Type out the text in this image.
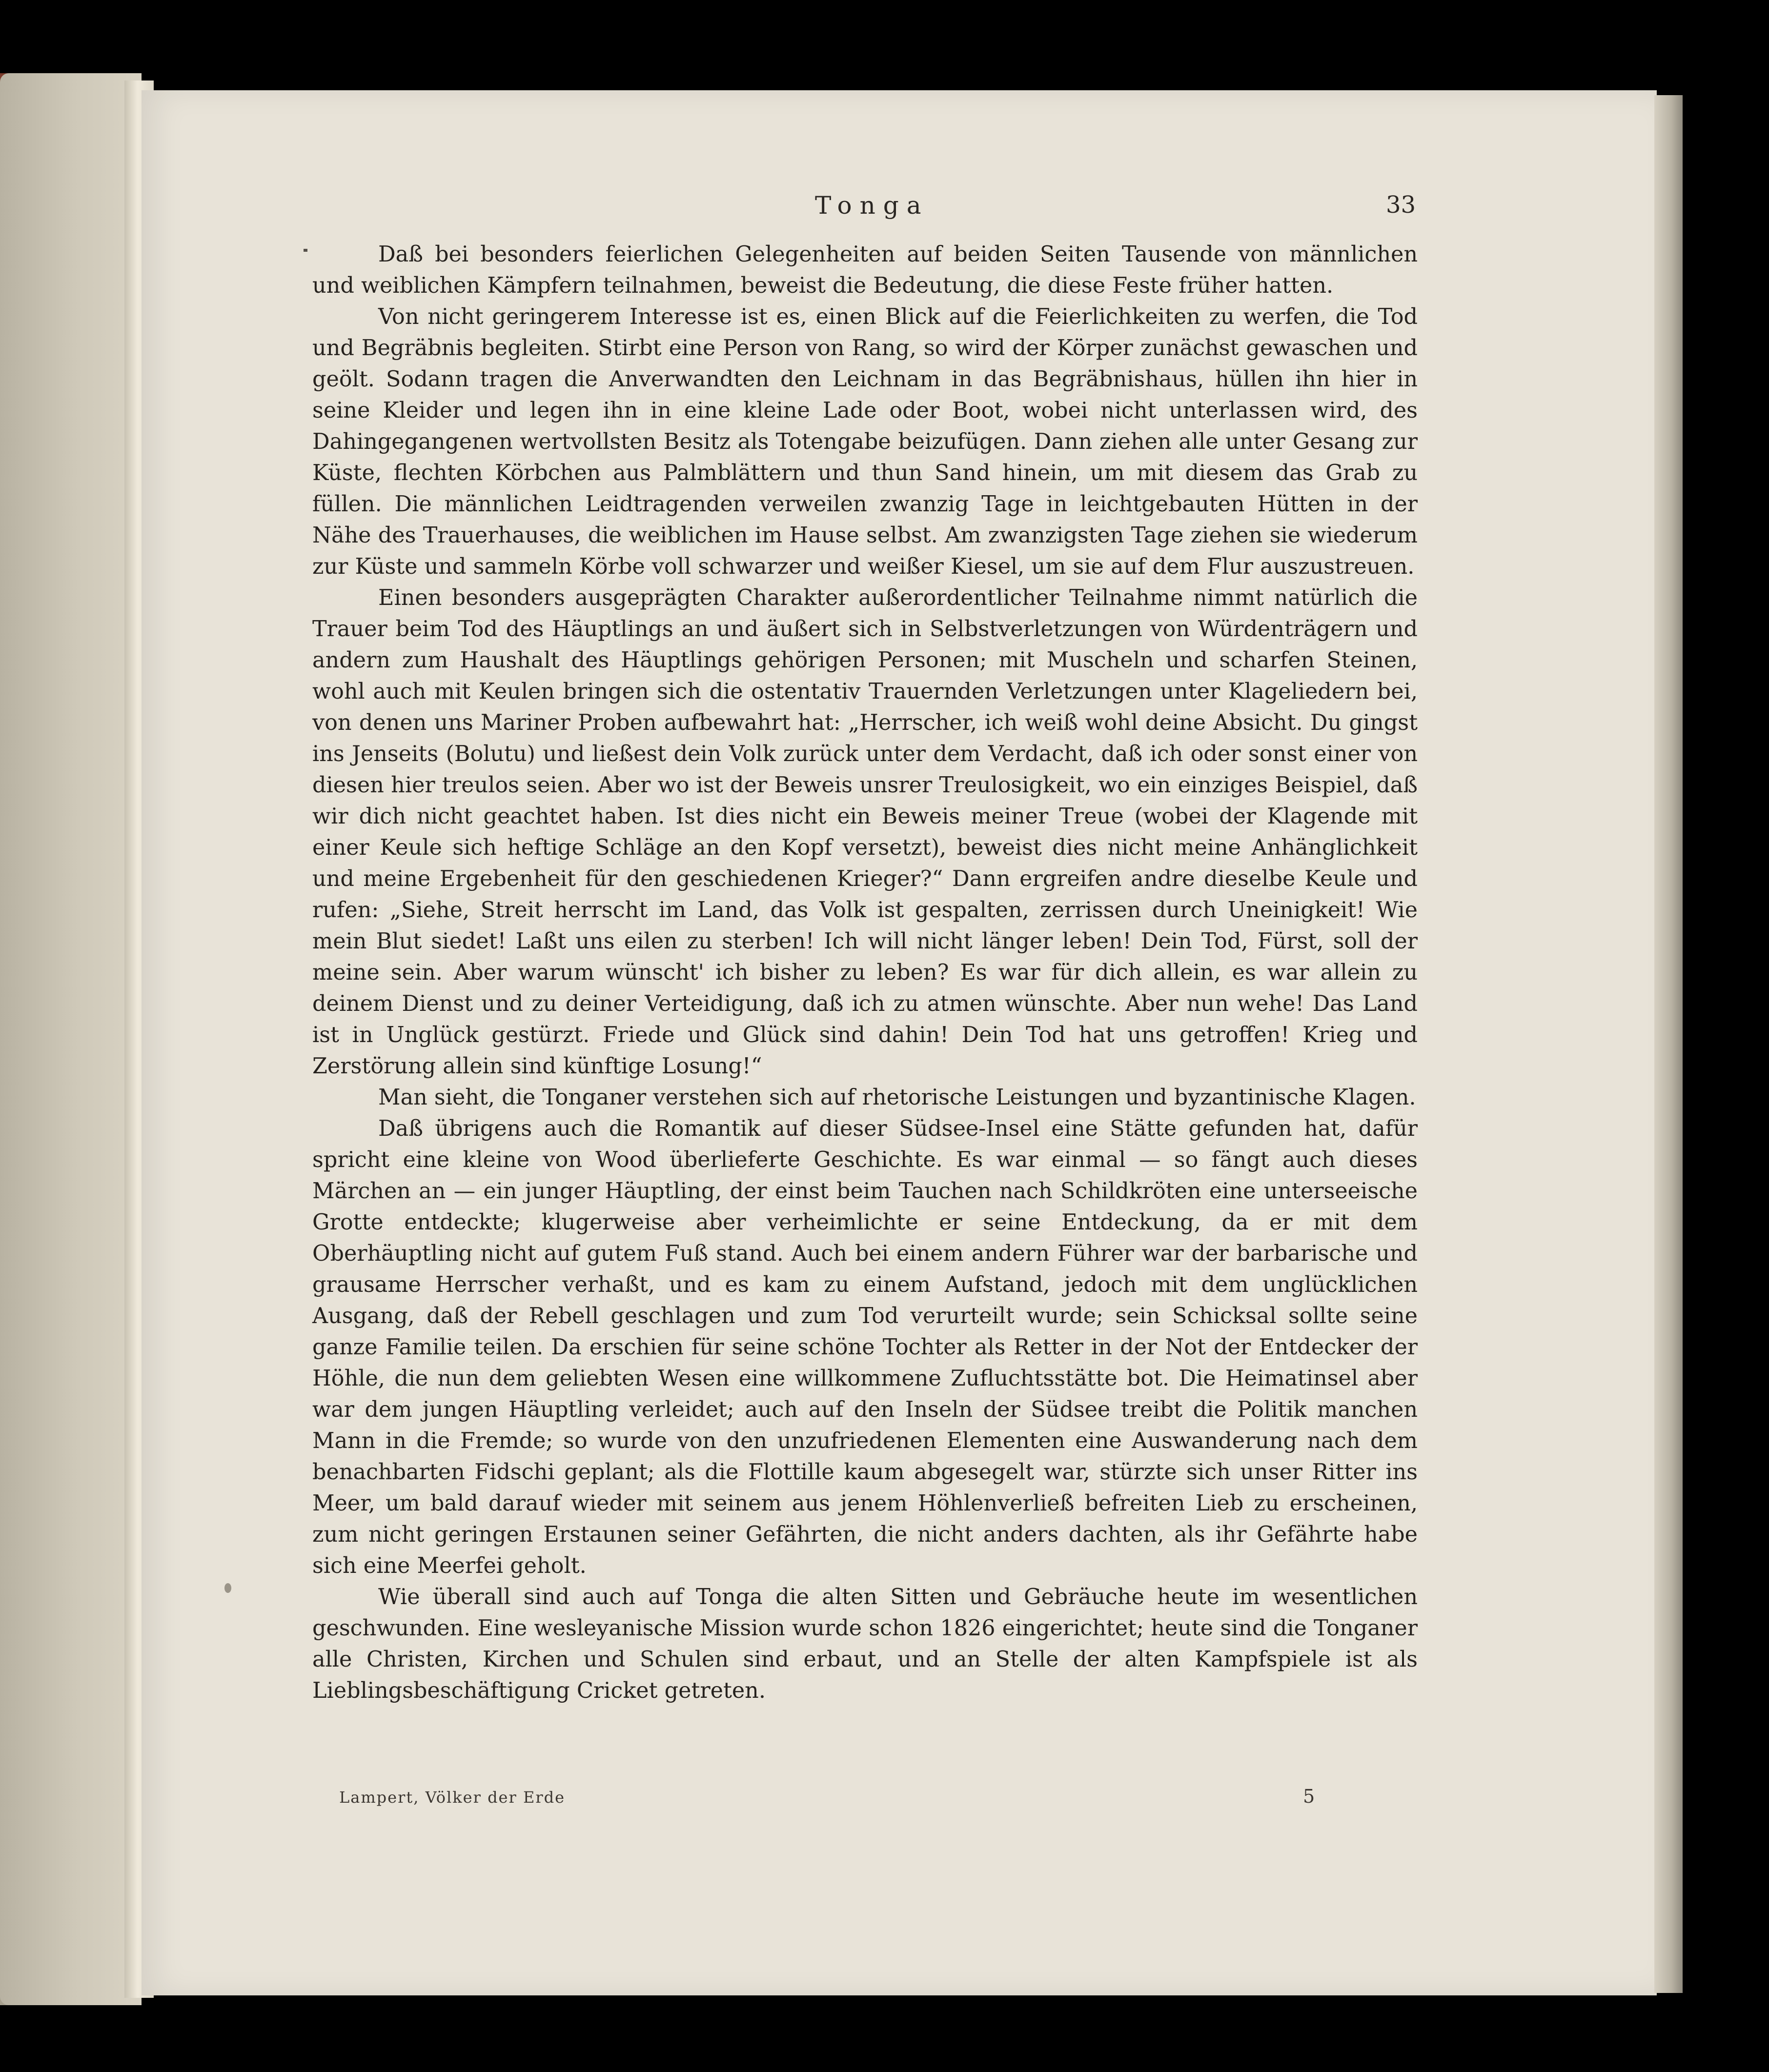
Tonga	33

Daß bei besonders feierlichen Gelegenheiten auf beiden Seiten Tausende von männlichen und weiblichen Kämpfern teilnahmen, beweist die Bedeutung, die diese Feste früher hatten.

Von nicht geringerem Interesse ist es, einen Blick auf die Feierlichkeiten zu werfen, die Tod und Begräbnis begleiten. Stirbt eine Person von Rang, so wird der Körper zunächst gewaschen und geölt. Sodann tragen die Anverwandten den Leichnam in das Begräbnishaus, hüllen ihn hier in seine Kleider und legen ihn in eine kleine Lade oder Boot, wobei nicht unterlassen wird, des Dahingegangenen wertvollsten Besitz als Totengabe beizufügen. Dann ziehen alle unter Gesang zur Küste, flechten Körbchen aus Palmblättern und thun Sand hinein, um mit diesem das Grab zu füllen. Die männlichen Leidtragenden verweilen zwanzig Tage in leichtgebauten Hütten in der Nähe des Trauerhauses, die weiblichen im Hause selbst. Am zwanzigsten Tage ziehen sie wiederum zur Küste und sammeln Körbe voll schwarzer und weißer Kiesel, um sie auf dem Flur auszustreuen.

Einen besonders ausgeprägten Charakter außerordentlicher Teilnahme nimmt natürlich die Trauer beim Tod des Häuptlings an und äußert sich in Selbstverletzungen von Würdenträgern und andern zum Haushalt des Häuptlings gehörigen Personen; mit Muscheln und scharfen Steinen, wohl auch mit Keulen bringen sich die ostentativ Trauernden Verletzungen unter Klageliedern bei, von denen uns Mariner Proben aufbewahrt hat: „Herrscher, ich weiß wohl deine Absicht. Du gingst ins Jenseits (Bolutu) und ließest dein Volk zurück unter dem Verdacht, daß ich oder sonst einer von diesen hier treulos seien. Aber wo ist der Beweis unsrer Treulosigkeit, wo ein einziges Beispiel, daß wir dich nicht geachtet haben. Ist dies nicht ein Beweis meiner Treue (wobei der Klagende mit einer Keule sich heftige Schläge an den Kopf versetzt), beweist dies nicht meine Anhänglichkeit und meine Ergebenheit für den geschiedenen Krieger?“ Dann ergreifen andre dieselbe Keule und rufen: „Siehe, Streit herrscht im Land, das Volk ist gespalten, zerrissen durch Uneinigkeit! Wie mein Blut siedet! Laßt uns eilen zu sterben! Ich will nicht länger leben! Dein Tod, Fürst, soll der meine sein. Aber warum wünscht' ich bisher zu leben? Es war für dich allein, es war allein zu deinem Dienst und zu deiner Verteidigung, daß ich zu atmen wünschte. Aber nun wehe! Das Land ist in Unglück gestürzt. Friede und Glück sind dahin! Dein Tod hat uns getroffen! Krieg und Zerstörung allein sind künftige Losung!“

Man sieht, die Tonganer verstehen sich auf rhetorische Leistungen und byzantinische Klagen.

Daß übrigens auch die Romantik auf dieser Südsee-Insel eine Stätte gefunden hat, dafür spricht eine kleine von Wood überlieferte Geschichte. Es war einmal — so fängt auch dieses Märchen an — ein junger Häuptling, der einst beim Tauchen nach Schildkröten eine unterseeische Grotte entdeckte; klugerweise aber verheimlichte er seine Entdeckung, da er mit dem Oberhäuptling nicht auf gutem Fuß stand. Auch bei einem andern Führer war der barbarische und grausame Herrscher verhaßt, und es kam zu einem Aufstand, jedoch mit dem unglücklichen Ausgang, daß der Rebell geschlagen und zum Tod verurteilt wurde; sein Schicksal sollte seine ganze Familie teilen. Da erschien für seine schöne Tochter als Retter in der Not der Entdecker der Höhle, die nun dem geliebten Wesen eine willkommene Zufluchtsstätte bot. Die Heimatinsel aber war dem jungen Häuptling verleidet; auch auf den Inseln der Südsee treibt die Politik manchen Mann in die Fremde; so wurde von den unzufriedenen Elementen eine Auswanderung nach dem benachbarten Fidschi geplant; als die Flottille kaum abgesegelt war, stürzte sich unser Ritter ins Meer, um bald darauf wieder mit seinem aus jenem Höhlenverließ befreiten Lieb zu erscheinen, zum nicht geringen Erstaunen seiner Gefährten, die nicht anders dachten, als ihr Gefährte habe sich eine Meerfei geholt.

Wie überall sind auch auf Tonga die alten Sitten und Gebräuche heute im wesentlichen geschwunden. Eine wesleyanische Mission wurde schon 1826 eingerichtet; heute sind die Tonganer alle Christen, Kirchen und Schulen sind erbaut, und an Stelle der alten Kampfspiele ist als Lieblingsbeschäftigung Cricket getreten.

Lampert, Völker der Erde	5
